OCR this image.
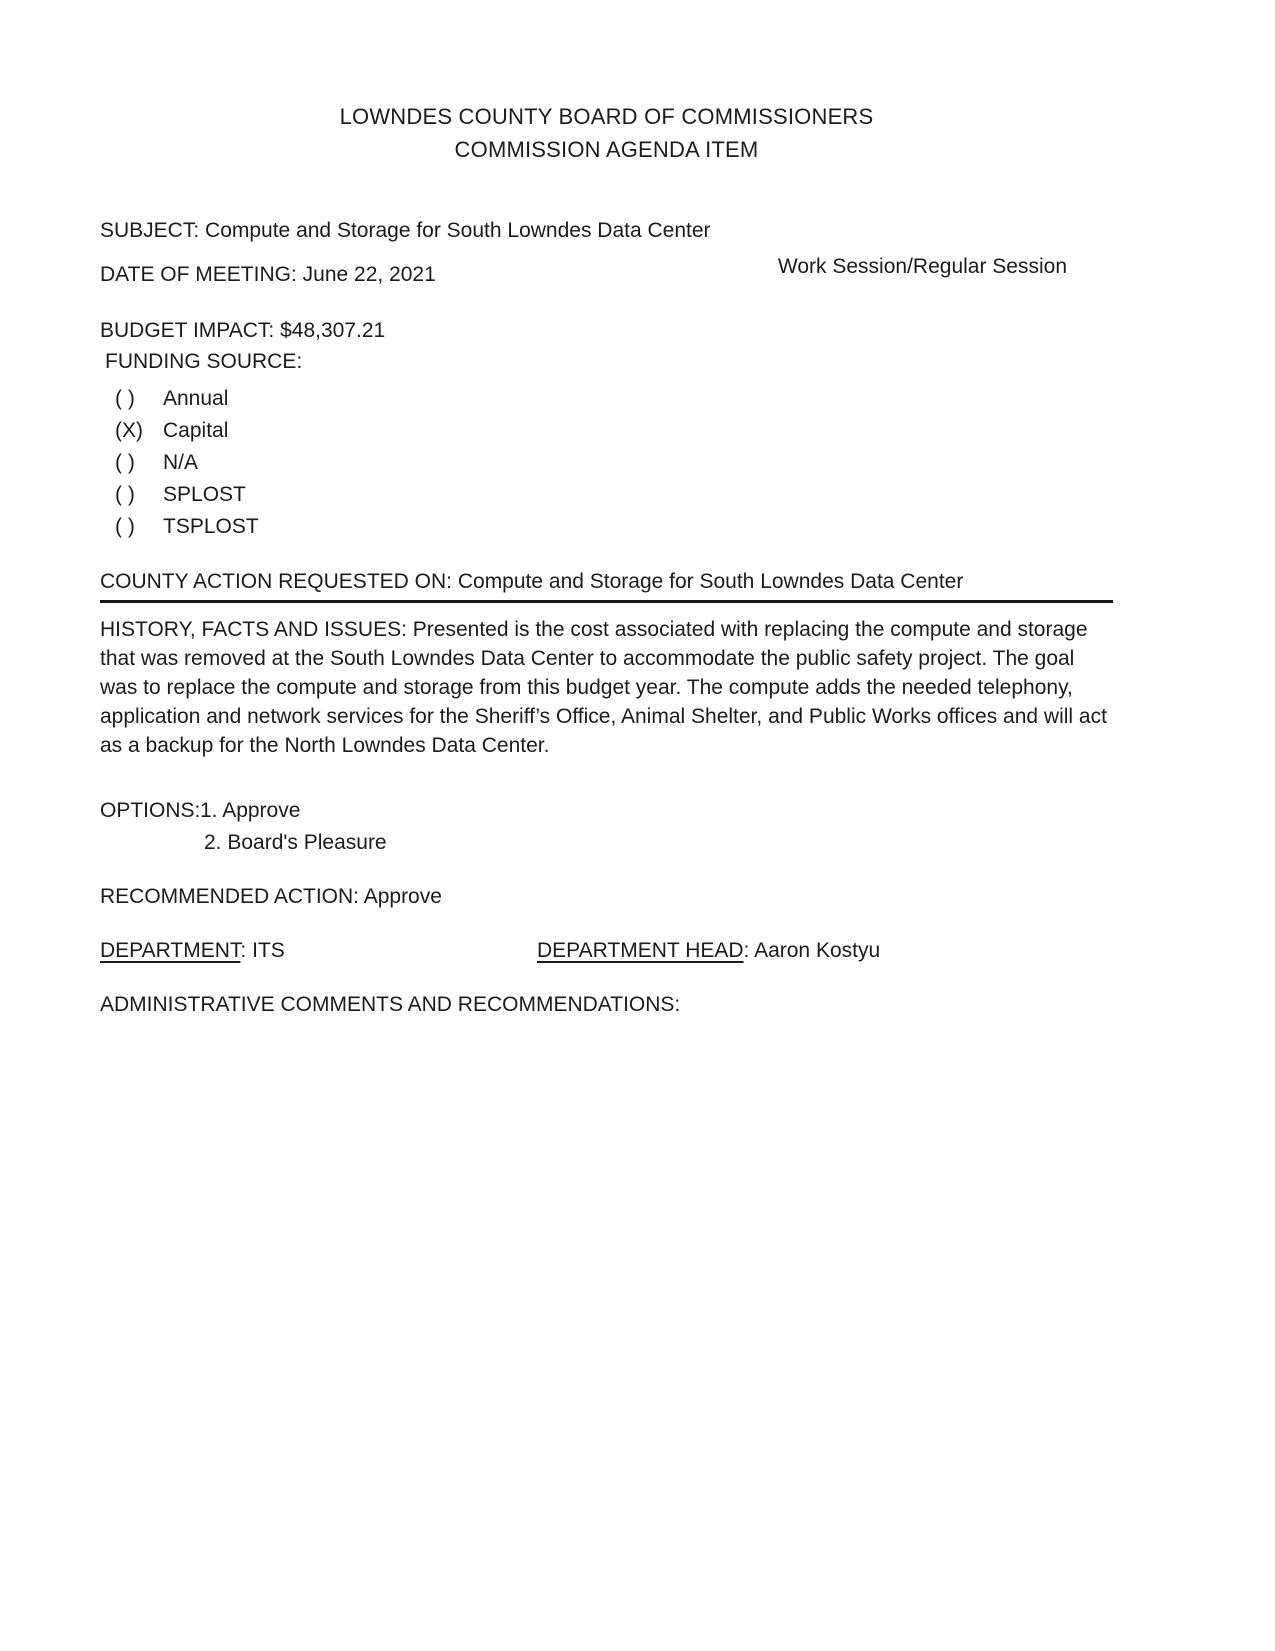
LOWNDES COUNTY BOARD OF COMMISSIONERS
COMMISSION AGENDA ITEM
SUBJECT: Compute and Storage for South Lowndes Data Center
DATE OF MEETING: June 22, 2021	Work Session/Regular Session
BUDGET IMPACT: $48,307.21
FUNDING SOURCE:
( )	Annual
(X) Capital
( )	N/A
( )	SPLOST
( )	TSPLOST
COUNTY ACTION REQUESTED ON: Compute and Storage for South Lowndes Data Center

HISTORY, FACTS AND ISSUES: Presented is the cost associated with replacing the compute and storage that was removed at the South Lowndes Data Center to accommodate the public safety project. The goal was to replace the compute and storage from this budget year. The compute adds the needed telephony, application and network services for the Sheriff’s Office, Animal Shelter, and Public Works offices and will act as a backup for the North Lowndes Data Center.

OPTIONS: 1. Approve
2. Board's Pleasure
RECOMMENDED ACTION: Approve
DEPARTMENT: ITS	DEPARTMENT HEAD: Aaron Kostyu
ADMINISTRATIVE COMMENTS AND RECOMMENDATIONS:
